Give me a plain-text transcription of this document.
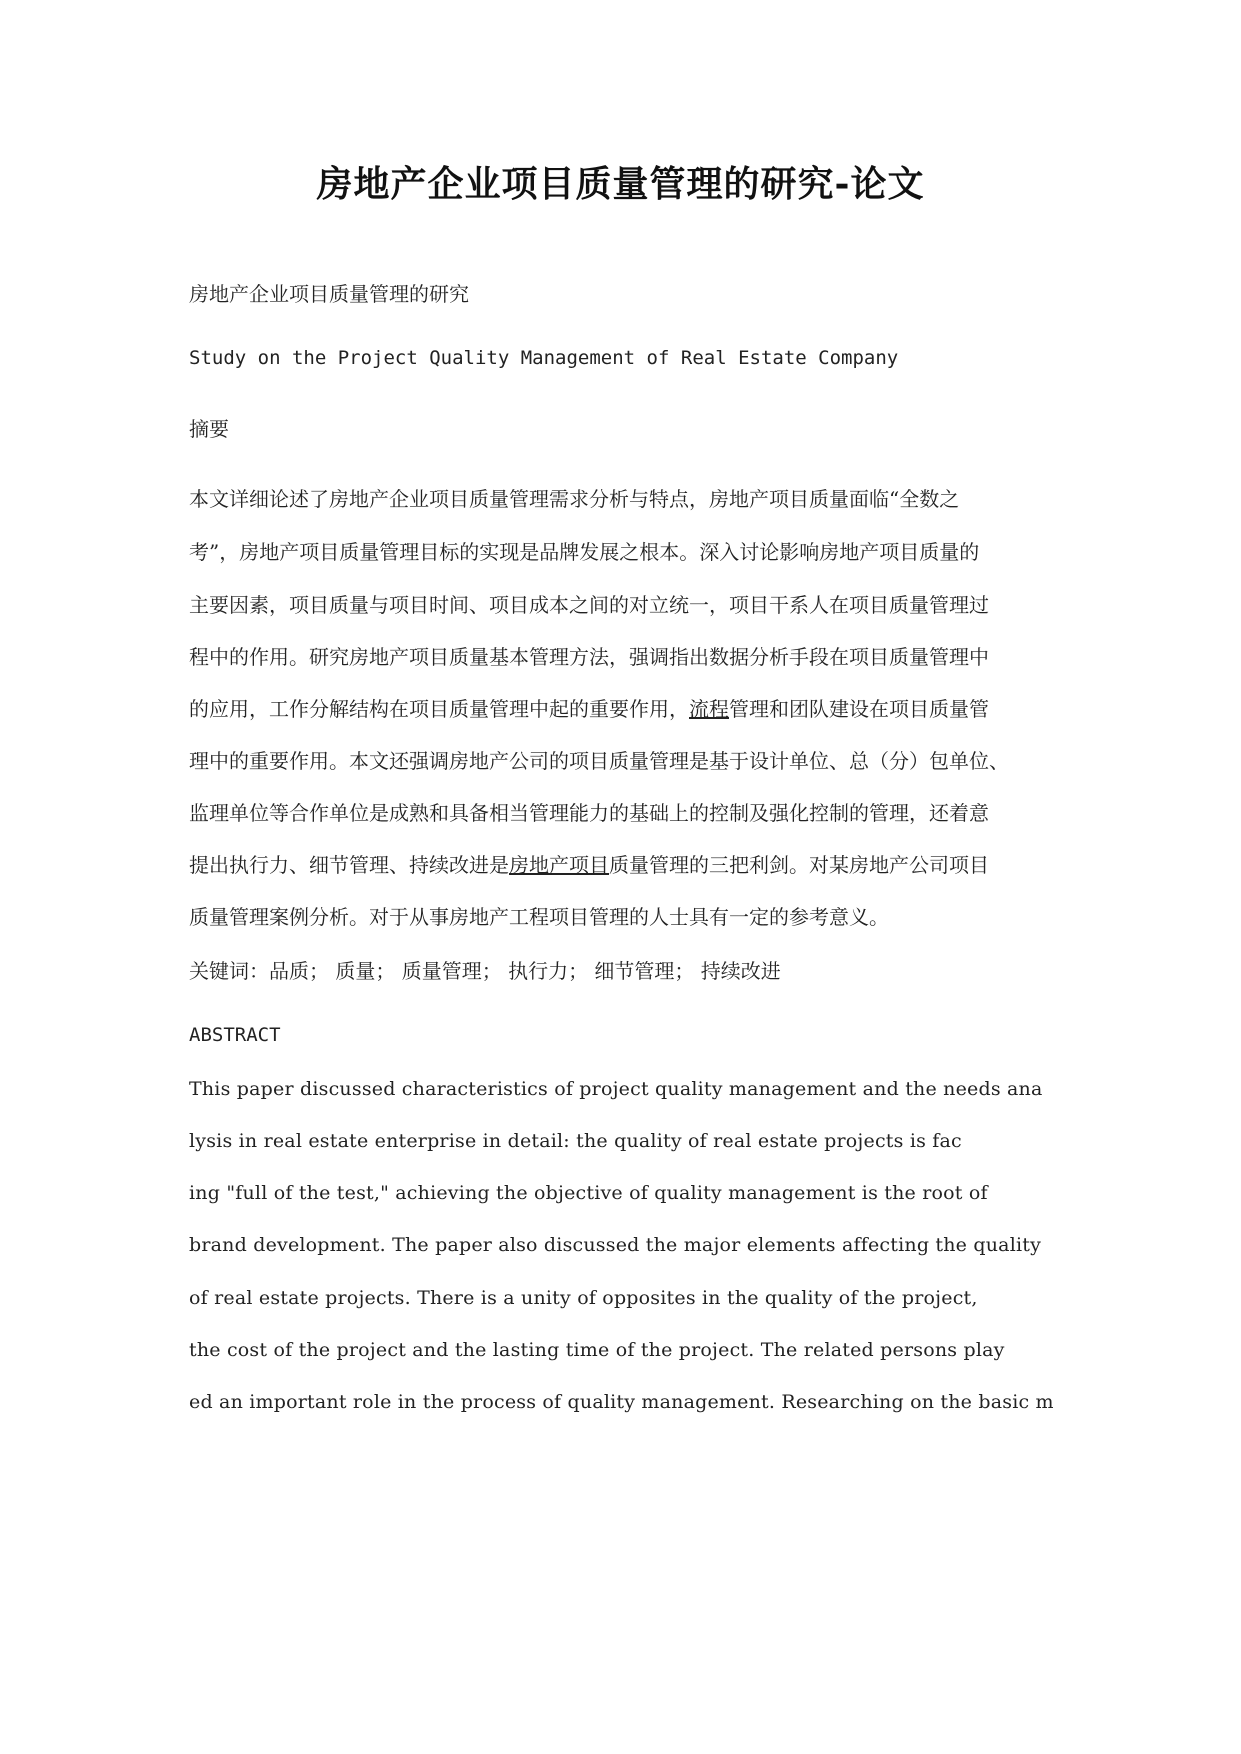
房地产企业项目质量管理的研究-论文
房地产企业项目质量管理的研究
Study on the Project Quality Management of Real Estate Company
摘要
本文详细论述了房地产企业项目质量管理需求分析与特点，房地产项目质量面临“全数之
考”，房地产项目质量管理目标的实现是品牌发展之根本。深入讨论影响房地产项目质量的
主要因素，项目质量与项目时间、项目成本之间的对立统一，项目干系人在项目质量管理过
程中的作用。研究房地产项目质量基本管理方法，强调指出数据分析手段在项目质量管理中
的应用，工作分解结构在项目质量管理中起的重要作用，流程管理和团队建设在项目质量管
理中的重要作用。本文还强调房地产公司的项目质量管理是基于设计单位、总（分）包单位、
监理单位等合作单位是成熟和具备相当管理能力的基础上的控制及强化控制的管理，还着意
提出执行力、细节管理、持续改进是房地产项目质量管理的三把利剑。对某房地产公司项目
质量管理案例分析。对于从事房地产工程项目管理的人士具有一定的参考意义。
关键词：品质； 质量； 质量管理； 执行力； 细节管理； 持续改进
ABSTRACT
This paper discussed characteristics of project quality management and the needs ana
lysis in real estate enterprise in detail: the quality of real estate projects is fac
ing "full of the test," achieving the objective of quality management is the root of
brand development. The paper also discussed the major elements affecting the quality
of real estate projects. There is a unity of opposites in the quality of the project,
the cost of the project and the lasting time of the project. The related persons play
ed an important role in the process of quality management. Researching on the basic m
